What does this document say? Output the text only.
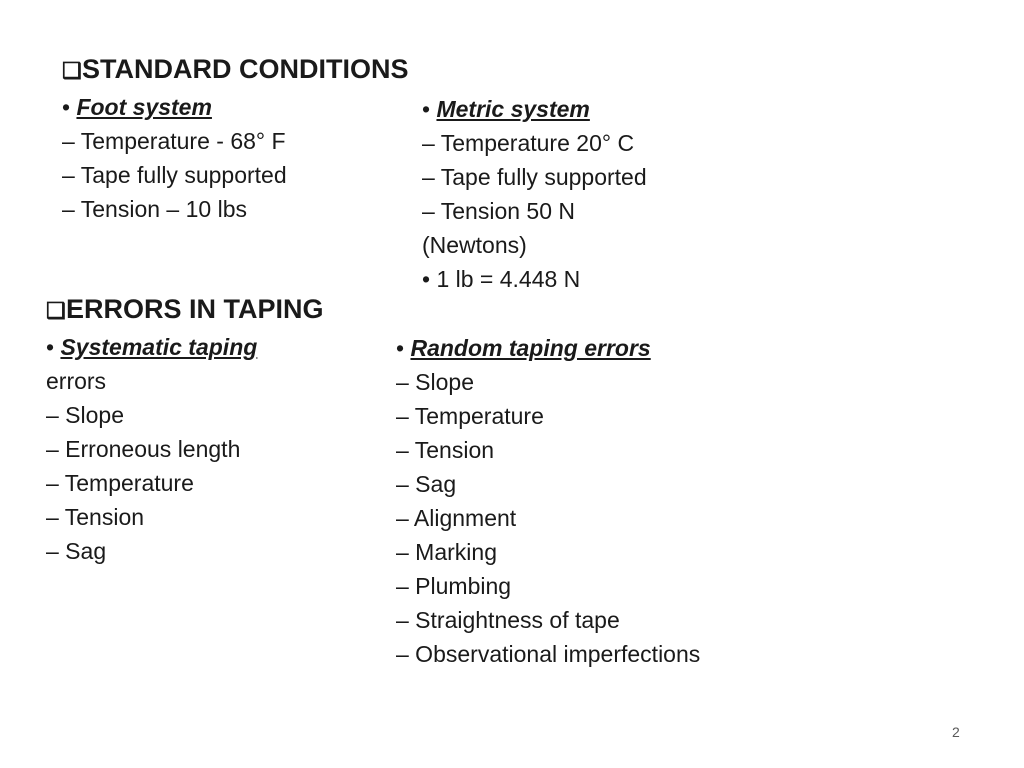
❑STANDARD CONDITIONS
• Foot system
– Temperature - 68° F
– Tape fully supported
– Tension – 10 lbs
• Metric system
– Temperature 20° C
– Tape fully supported
– Tension 50 N
(Newtons)
• 1 lb = 4.448 N
❑ERRORS IN TAPING
• Systematic taping
errors
– Slope
– Erroneous length
– Temperature
– Tension
– Sag
• Random taping errors
– Slope
– Temperature
– Tension
– Sag
– Alignment
– Marking
– Plumbing
– Straightness of tape
– Observational imperfections
2
